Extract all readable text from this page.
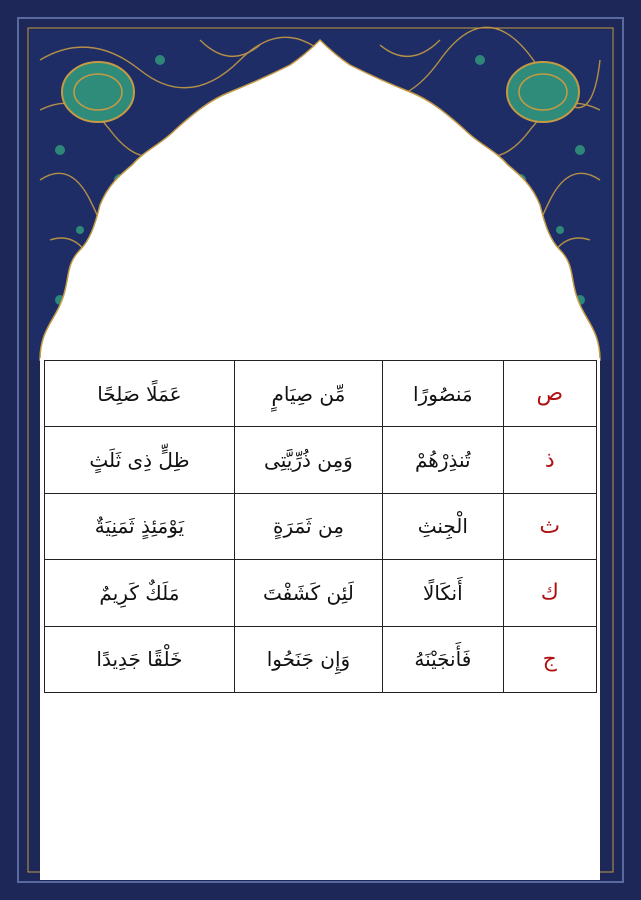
ص	مَنصُورًا	مِّن صِيَامٍ	عَمَلًا صَلِحًا
ذ	تُنذِرْهُمْ	وَمِن ذُرِّيَّتِى	ظِلٍّ ذِى ثَلَثٍ
ث	الْجِنثِ	مِن ثَمَرَةٍ	يَوْمَئِذٍ ثَمَنِيَةٌ
ك	أَنكَالًا	لَئِن كَشَفْتَ	مَلَكٌ كَرِيمٌ
ج	فَأَنجَيْنَهُ	وَإِن جَنَحُوا	خَلْقًا جَدِيدًا
